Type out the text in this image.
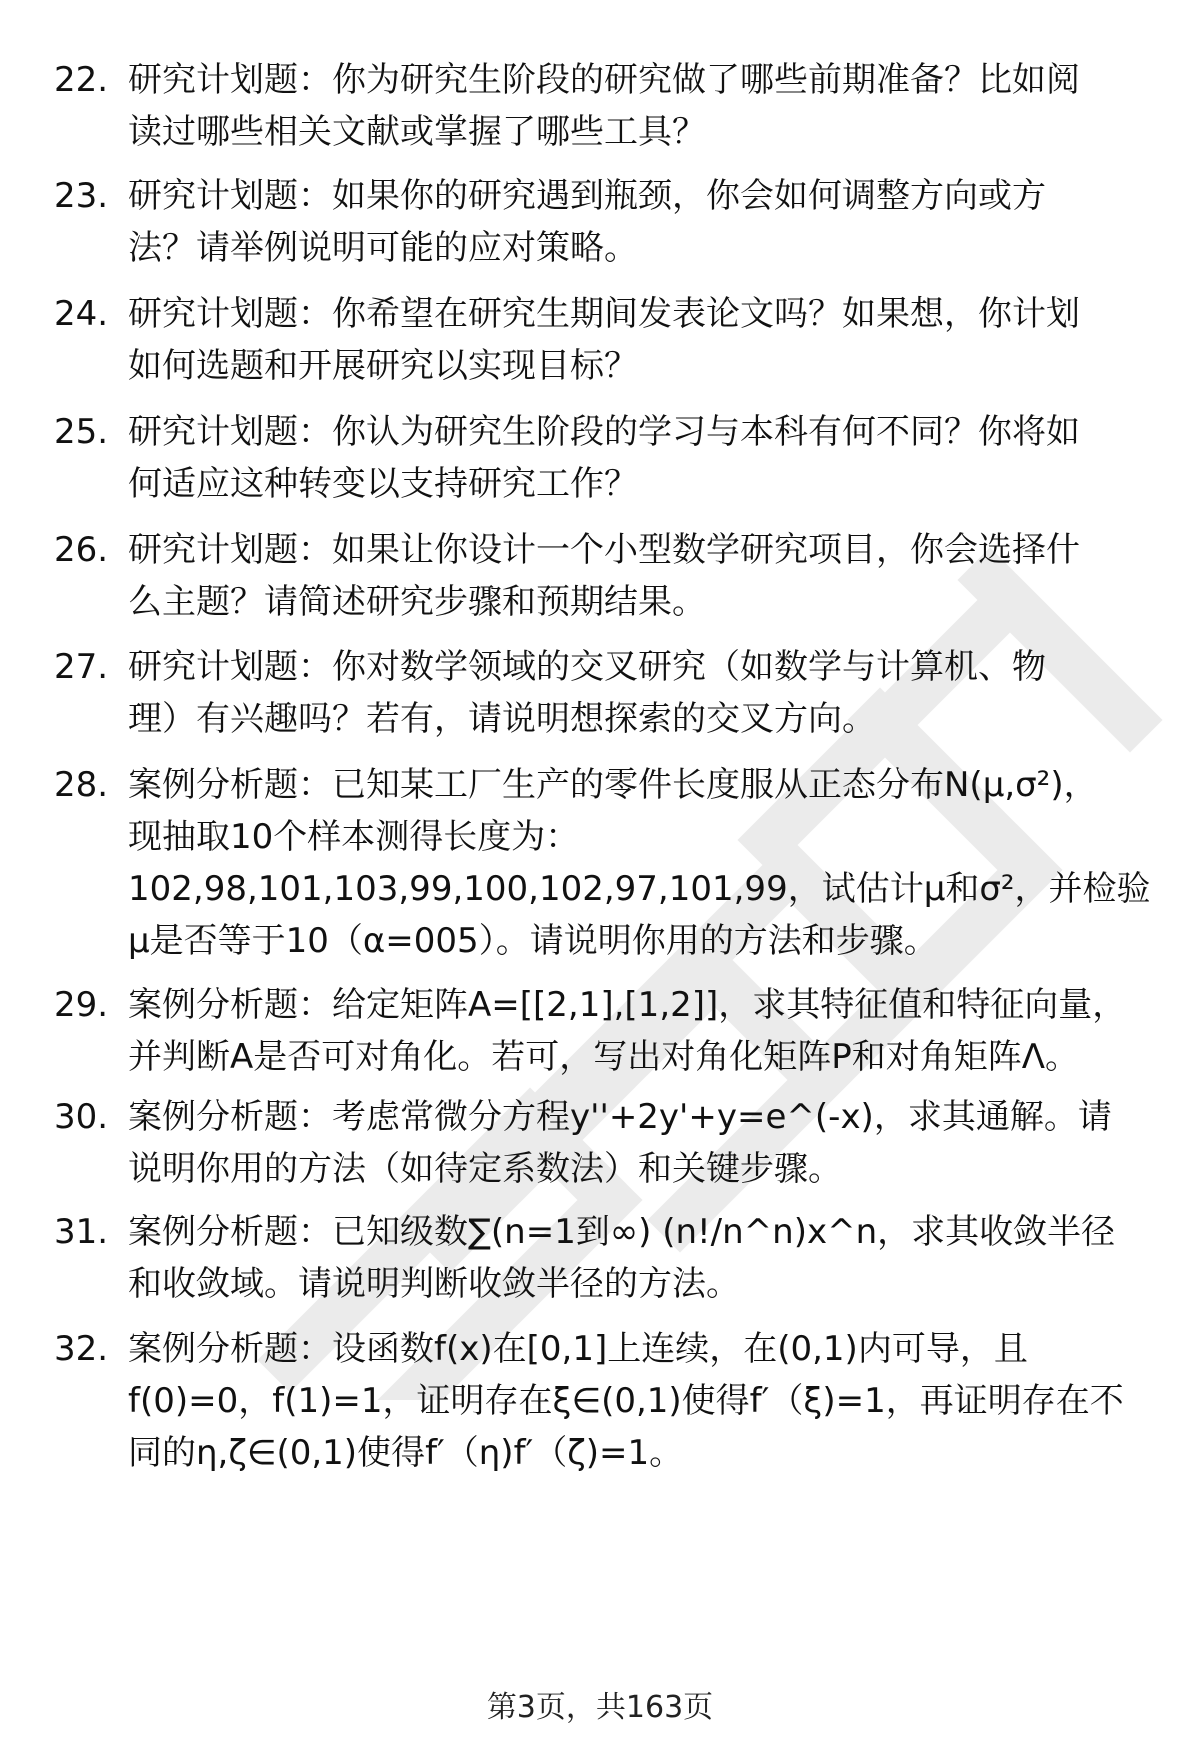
22. 研究计划题：你为研究生阶段的研究做了哪些前期准备？比如阅
读过哪些相关文献或掌握了哪些工具？
23. 研究计划题：如果你的研究遇到瓶颈，你会如何调整方向或方
法？请举例说明可能的应对策略。
24. 研究计划题：你希望在研究生期间发表论文吗？如果想，你计划
如何选题和开展研究以实现目标？
25. 研究计划题：你认为研究生阶段的学习与本科有何不同？你将如
何适应这种转变以支持研究工作？
26. 研究计划题：如果让你设计一个小型数学研究项目，你会选择什
么主题？请简述研究步骤和预期结果。
27. 研究计划题：你对数学领域的交叉研究（如数学与计算机、物
理）有兴趣吗？若有，请说明想探索的交叉方向。
28. 案例分析题：已知某工厂生产的零件长度服从正态分布N(μ,σ²)，
现抽取10个样本测得长度为：
102,98,101,103,99,100,102,97,101,99，试估计μ和σ²，并检验
μ是否等于10（α=005）。请说明你用的方法和步骤。
29. 案例分析题：给定矩阵A=[[2,1],[1,2]]，求其特征值和特征向量，
并判断A是否可对角化。若可，写出对角化矩阵P和对角矩阵Λ。
30. 案例分析题：考虑常微分方程y''+2y'+y=e^(-x)，求其通解。请
说明你用的方法（如待定系数法）和关键步骤。
31. 案例分析题：已知级数∑(n=1到∞) (n!/n^n)x^n，求其收敛半径
和收敛域。请说明判断收敛半径的方法。
32. 案例分析题：设函数f(x)在[0,1]上连续，在(0,1)内可导，且
f(0)=0，f(1)=1，证明存在ξ∈(0,1)使得f′（ξ)=1，再证明存在不
同的η,ζ∈(0,1)使得f′（η)f′（ζ)=1。
第3页，共163页
